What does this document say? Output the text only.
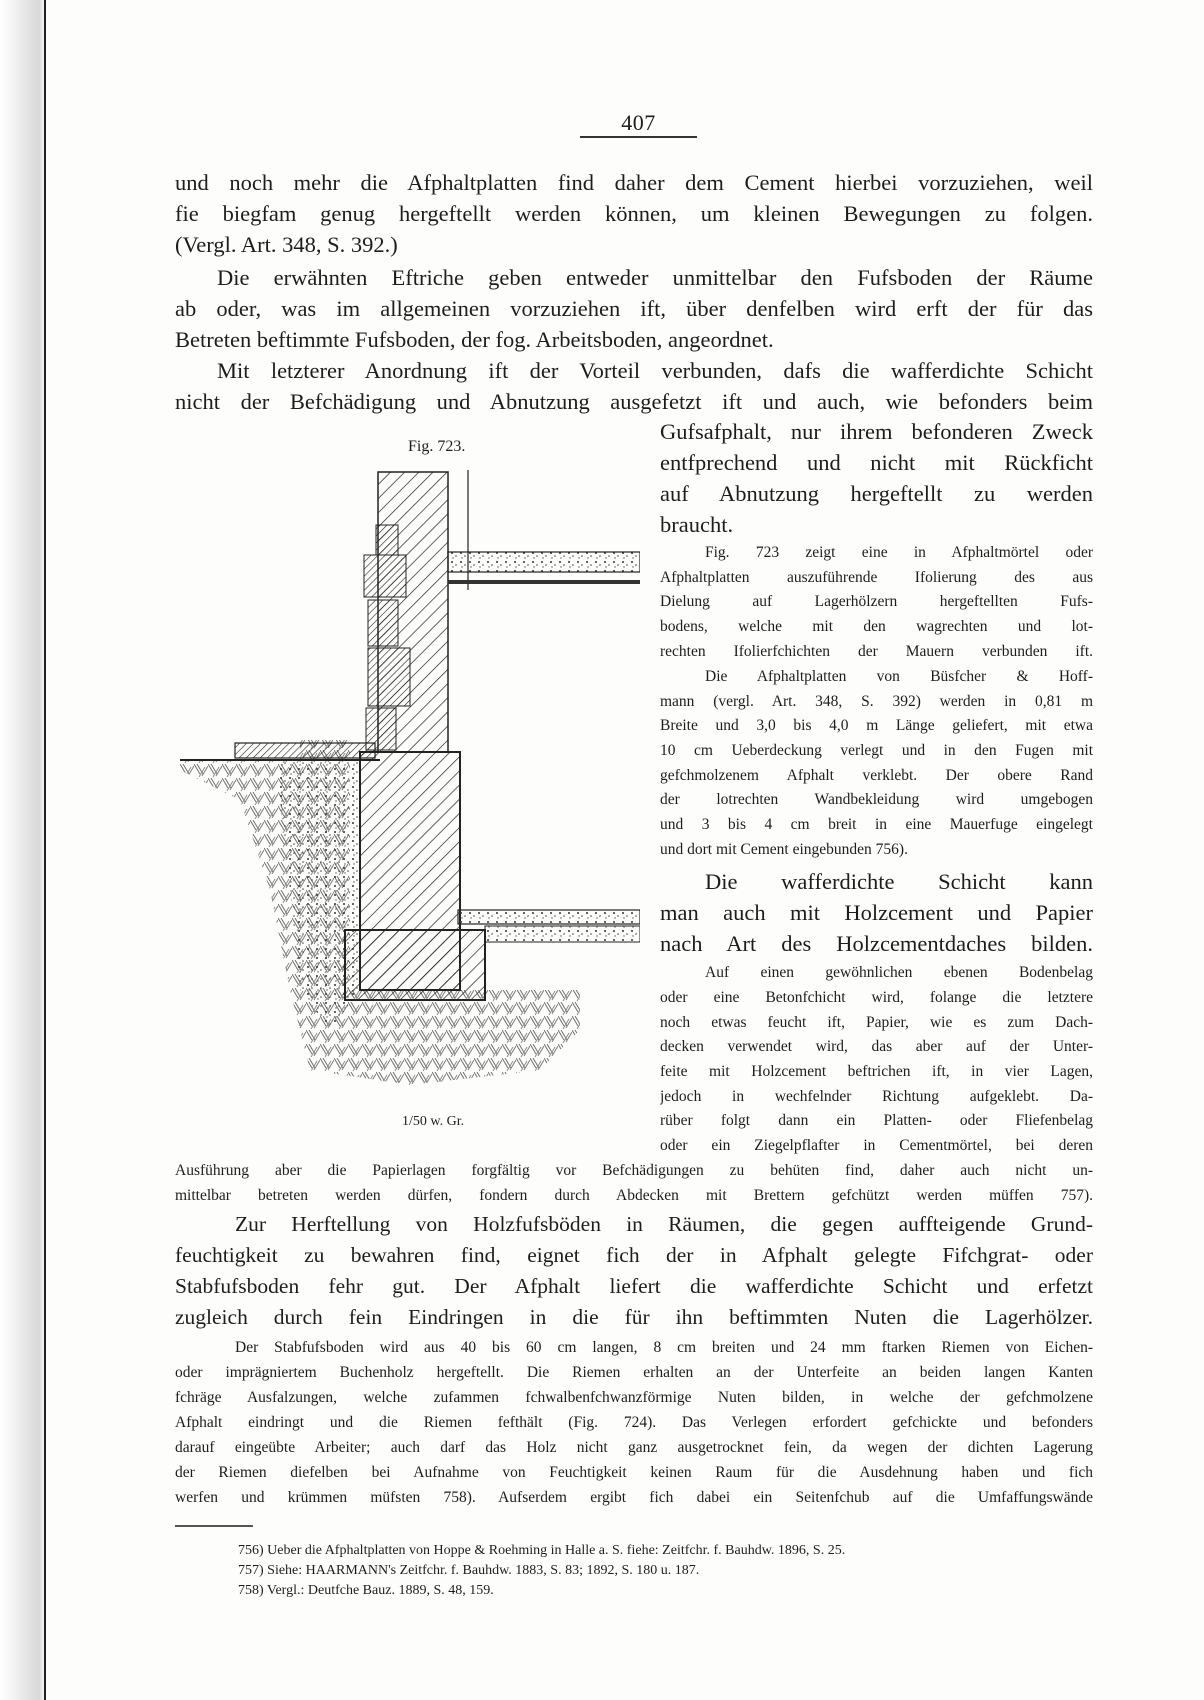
407
und noch mehr die Afphaltplatten find daher dem Cement hierbei vorzuziehen, weil
fie biegfam genug hergeftellt werden können, um kleinen Bewegungen zu folgen.
(Vergl. Art. 348, S. 392.)
Die erwähnten Eftriche geben entweder unmittelbar den Fufsboden der Räume
ab oder, was im allgemeinen vorzuziehen ift, über denfelben wird erft der für das
Betreten beftimmte Fufsboden, der fog. Arbeitsboden, angeordnet.
Mit letzterer Anordnung ift der Vorteil verbunden, dafs die wafferdichte Schicht
nicht der Befchädigung und Abnutzung ausgefetzt ift und auch, wie befonders beim
Gufsafphalt, nur ihrem befonderen Zweck
entfprechend und nicht mit Rückficht
auf Abnutzung hergeftellt zu werden
braucht.
Fig. 723 zeigt eine in Afphaltmörtel oder
Afphaltplatten auszuführende Ifolierung des aus
Dielung auf Lagerhölzern hergeftellten Fufs-
bodens, welche mit den wagrechten und lot-
rechten Ifolierfchichten der Mauern verbunden ift.
Die Afphaltplatten von Büsfcher & Hoff-
mann (vergl. Art. 348, S. 392) werden in 0,81 m
Breite und 3,0 bis 4,0 m Länge geliefert, mit etwa
10 cm Ueberdeckung verlegt und in den Fugen mit
gefchmolzenem Afphalt verklebt. Der obere Rand
der lotrechten Wandbekleidung wird umgebogen
und 3 bis 4 cm breit in eine Mauerfuge eingelegt
und dort mit Cement eingebunden 756).
Die wafferdichte Schicht kann
man auch mit Holzcement und Papier
nach Art des Holzcementdaches bilden.
Auf einen gewöhnlichen ebenen Bodenbelag
oder eine Betonfchicht wird, folange die letztere
noch etwas feucht ift, Papier, wie es zum Dach-
decken verwendet wird, das aber auf der Unter-
feite mit Holzcement beftrichen ift, in vier Lagen,
jedoch in wechfelnder Richtung aufgeklebt. Da-
rüber folgt dann ein Platten- oder Fliefenbelag
oder ein Ziegelpflafter in Cementmörtel, bei deren
Ausführung aber die Papierlagen forgfältig vor Befchädigungen zu behüten find, daher auch nicht un-
mittelbar betreten werden dürfen, fondern durch Abdecken mit Brettern gefchützt werden müffen 757).
Zur Herftellung von Holzfufsböden in Räumen, die gegen auffteigende Grund-
feuchtigkeit zu bewahren find, eignet fich der in Afphalt gelegte Fifchgrat- oder
Stabfufsboden fehr gut. Der Afphalt liefert die wafferdichte Schicht und erfetzt
zugleich durch fein Eindringen in die für ihn beftimmten Nuten die Lagerhölzer.
Der Stabfufsboden wird aus 40 bis 60 cm langen, 8 cm breiten und 24 mm ftarken Riemen von Eichen-
oder imprägniertem Buchenholz hergeftellt. Die Riemen erhalten an der Unterfeite an beiden langen Kanten
fchräge Ausfalzungen, welche zufammen fchwalbenfchwanzförmige Nuten bilden, in welche der gefchmolzene
Afphalt eindringt und die Riemen fefthält (Fig. 724). Das Verlegen erfordert gefchickte und befonders
darauf eingeübte Arbeiter; auch darf das Holz nicht ganz ausgetrocknet fein, da wegen der dichten Lagerung
der Riemen diefelben bei Aufnahme von Feuchtigkeit keinen Raum für die Ausdehnung haben und fich
werfen und krümmen müfsten 758). Aufserdem ergibt fich dabei ein Seitenfchub auf die Umfaffungswände
Fig. 723.
1/50 w. Gr.
756) Ueber die Afphaltplatten von Hoppe & Roehming in Halle a. S. fiehe: Zeitfchr. f. Bauhdw. 1896, S. 25.
757) Siehe: HAARMANN's Zeitfchr. f. Bauhdw. 1883, S. 83; 1892, S. 180 u. 187.
758) Vergl.: Deutfche Bauz. 1889, S. 48, 159.
